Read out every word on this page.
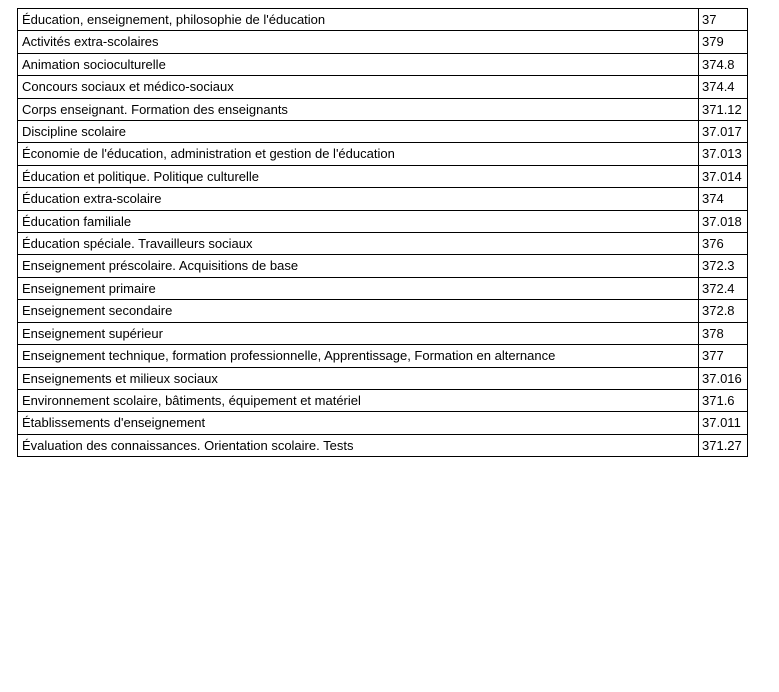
Éducation, enseignement, philosophie de l'éducation	37
Activités extra-scolaires	379
Animation socioculturelle	374.8
Concours sociaux et médico-sociaux	374.4
Corps enseignant. Formation des enseignants	371.12
Discipline scolaire	37.017
Économie de l'éducation, administration et gestion de l'éducation	37.013
Éducation et politique. Politique culturelle	37.014
Éducation extra-scolaire	374
Éducation familiale	37.018
Éducation spéciale. Travailleurs sociaux	376
Enseignement préscolaire. Acquisitions de base	372.3
Enseignement primaire	372.4
Enseignement secondaire	372.8
Enseignement supérieur	378
Enseignement technique, formation professionnelle, Apprentissage, Formation en alternance	377
Enseignements et milieux sociaux	37.016
Environnement scolaire, bâtiments, équipement et matériel	371.6
Établissements d'enseignement	37.011
Évaluation des connaissances. Orientation scolaire. Tests	371.27
